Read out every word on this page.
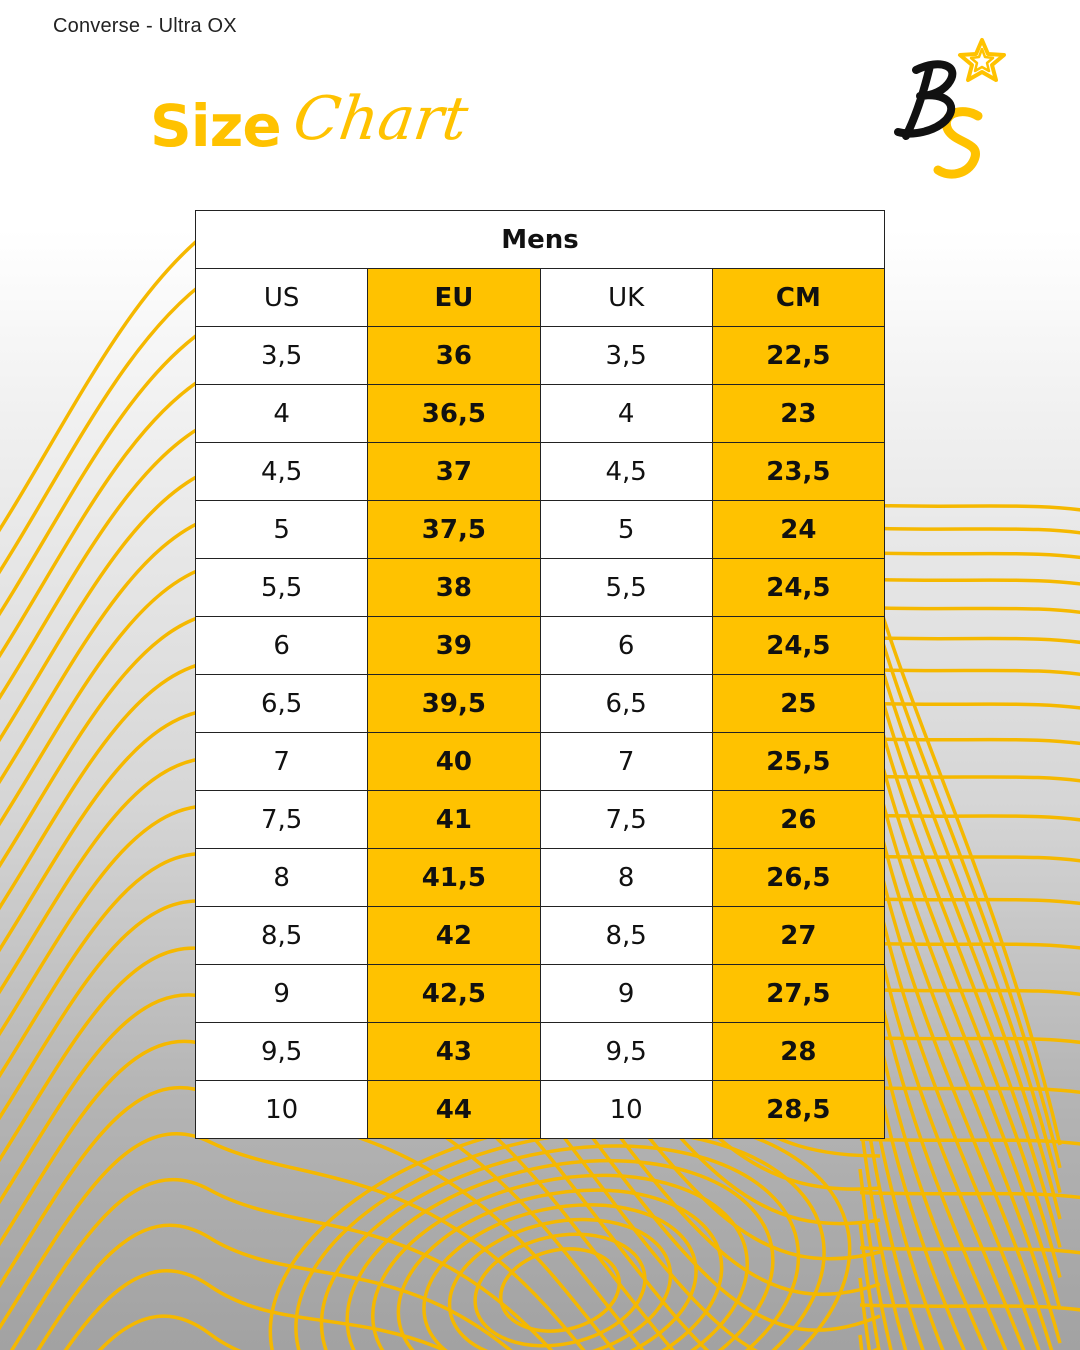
Converse - Ultra OX
Size Chart
Mens			
US	EU	UK	CM
3,5	36	3,5	22,5
4	36,5	4	23
4,5	37	4,5	23,5
5	37,5	5	24
5,5	38	5,5	24,5
6	39	6	24,5
6,5	39,5	6,5	25
7	40	7	25,5
7,5	41	7,5	26
8	41,5	8	26,5
8,5	42	8,5	27
9	42,5	9	27,5
9,5	43	9,5	28
10	44	10	28,5
